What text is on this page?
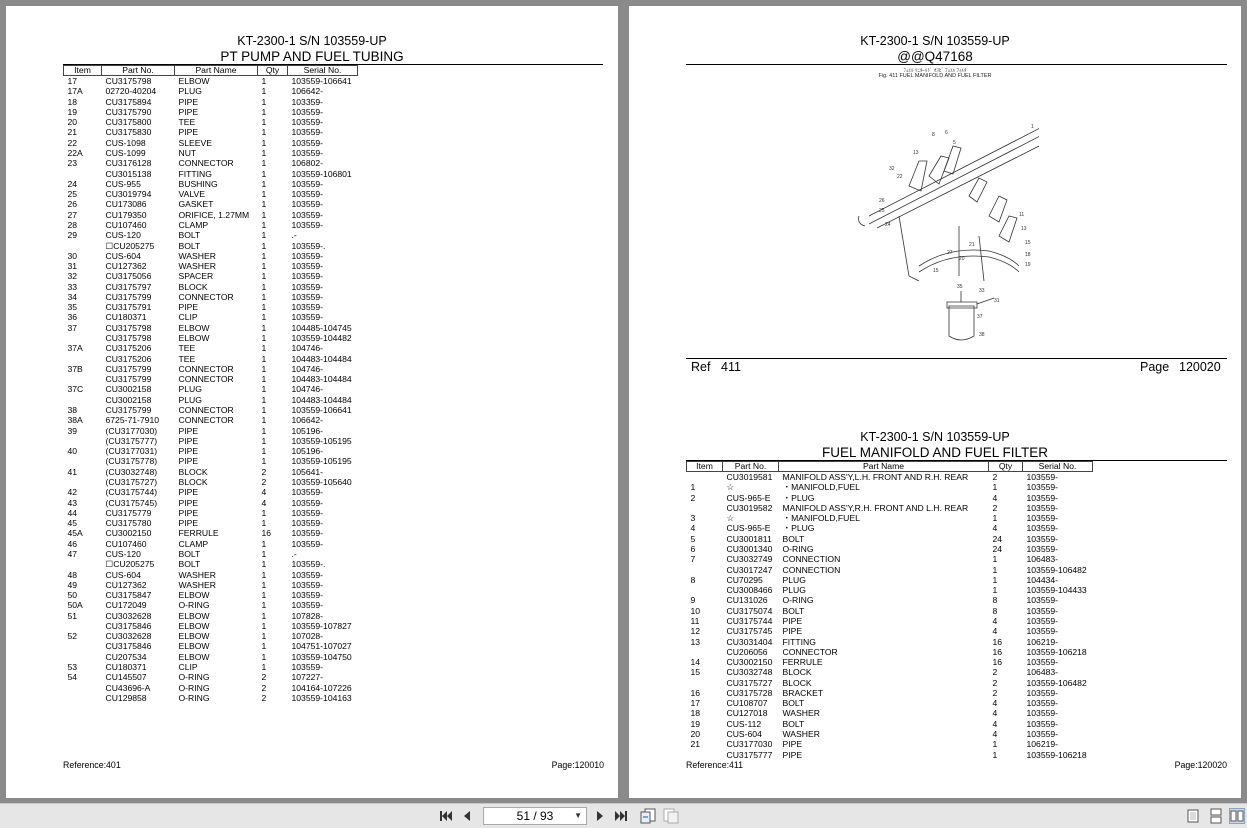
KT-2300-1 S/N 103559-UP
PT PUMP AND FUEL TUBING
Item	Part No.	Part Name	Qty	Serial No.
17	CU3175798	ELBOW	1	103559-106641
17A	02720-40204	PLUG	1	106642-
18	CU3175894	PIPE	1	103359-
19	CU3175790	PIPE	1	103559-
20	CU3175800	TEE	1	103559-
21	CU3175830	PIPE	1	103559-
22	CUS-1098	SLEEVE	1	103559-
22A	CUS-1099	NUT	1	103559-
23	CU3176128	CONNECTOR	1	106802-
	CU3015138	FITTING	1	103559-106801
24	CUS-955	BUSHING	1	103559-
25	CU3019794	VALVE	1	103559-
26	CU173086	GASKET	1	103559-
27	CU179350	ORIFICE, 1.27MM	1	103559-
28	CU107460	CLAMP	1	103559-
29	CUS-120	BOLT	1	.-
	☐CU205275	BOLT	1	103559-.
30	CUS-604	WASHER	1	103559-
31	CU127362	WASHER	1	103559-
32	CU3175056	SPACER	1	103559-
33	CU3175797	BLOCK	1	103559-
34	CU3175799	CONNECTOR	1	103559-
35	CU3175791	PIPE	1	103559-
36	CU180371	CLIP	1	103559-
37	CU3175798	ELBOW	1	104485-104745
	CU3175798	ELBOW	1	103559-104482
37A	CU3175206	TEE	1	104746-
	CU3175206	TEE	1	104483-104484
37B	CU3175799	CONNECTOR	1	104746-
	CU3175799	CONNECTOR	1	104483-104484
37C	CU3002158	PLUG	1	104746-
	CU3002158	PLUG	1	104483-104484
38	CU3175799	CONNECTOR	1	103559-106641
38A	6725-71-7910	CONNECTOR	1	106642-
39	(CU3177030)	PIPE	1	105196-
	(CU3175777)	PIPE	1	103559-105195
40	(CU3177031)	PIPE	1	105196-
	(CU3175778)	PIPE	1	103559-105195
41	(CU3032748)	BLOCK	2	105641-
	(CU3175727)	BLOCK	2	103559-105640
42	(CU3175744)	PIPE	4	103559-
43	(CU3175745)	PIPE	4	103559-
44	CU3175779	PIPE	1	103559-
45	CU3175780	PIPE	1	103559-
45A	CU3002150	FERRULE	16	103559-
46	CU107460	CLAMP	1	103559-
47	CUS-120	BOLT	1	.-
	☐CU205275	BOLT	1	103559-.
48	CUS-604	WASHER	1	103559-
49	CU127362	WASHER	1	103559-
50	CU3175847	ELBOW	1	103559-
50A	CU172049	O-RING	1	103559-
51	CU3032628	ELBOW	1	107828-
	CU3175846	ELBOW	1	103559-107827
52	CU3032628	ELBOW	1	107028-
	CU3175846	ELBOW	1	104751-107027
	CU207534	ELBOW	1	103559-104750
53	CU180371	CLIP	1	103559-
54	CU145507	O-RING	2	107227-
	CU43696-A	O-RING	2	104164-107226
	CU129858	O-RING	2	103559-104163
Reference:401	Page:120010
KT-2300-1 S/N 103559-UP
@@Q47168
ﾌｭｴﾙ ﾏﾆﾎｰﾙﾄﾞ ｵﾖﾋﾞ ﾌｭｴﾙ ﾌｨﾙﾀ
Fig. 411 FUEL MANIFOLD AND FUEL FILTER
8 6
5
13
32
22
26
25
24
27
15
20
21
11
13
15
18
19
35
33
31
37
38
1
Ref 411	Page 120020
KT-2300-1 S/N 103559-UP
FUEL MANIFOLD AND FUEL FILTER
Item	Part No.	Part Name	Qty	Serial No.
	CU3019581	MANIFOLD ASS'Y,L.H. FRONT AND R.H. REAR	2	103559-
1	☆	・MANIFOLD,FUEL	1	103559-
2	CUS-965-E	・PLUG	4	103559-
	CU3019582	MANIFOLD ASS'Y,R.H. FRONT AND L.H. REAR	2	103559-
3	☆	・MANIFOLD,FUEL	1	103559-
4	CUS-965-E	・PLUG	4	103559-
5	CU3001811	BOLT	24	103559-
6	CU3001340	O-RING	24	103559-
7	CU3032749	CONNECTION	1	106483-
	CU3017247	CONNECTION	1	103559-106482
8	CU70295	PLUG	1	104434-
	CU3008466	PLUG	1	103559-104433
9	CU131026	O-RING	8	103559-
10	CU3175074	BOLT	8	103559-
11	CU3175744	PIPE	4	103559-
12	CU3175745	PIPE	4	103559-
13	CU3031404	FITTING	16	106219-
	CU206056	CONNECTOR	16	103559-106218
14	CU3002150	FERRULE	16	103559-
15	CU3032748	BLOCK	2	106483-
	CU3175727	BLOCK	2	103559-106482
16	CU3175728	BRACKET	2	103559-
17	CU108707	BOLT	4	103559-
18	CU127018	WASHER	4	103559-
19	CUS-112	BOLT	4	103559-
20	CUS-604	WASHER	4	103559-
21	CU3177030	PIPE	1	106219-
	CU3175777	PIPE	1	103559-106218
Reference:411	Page:120020
51 / 93	▼
